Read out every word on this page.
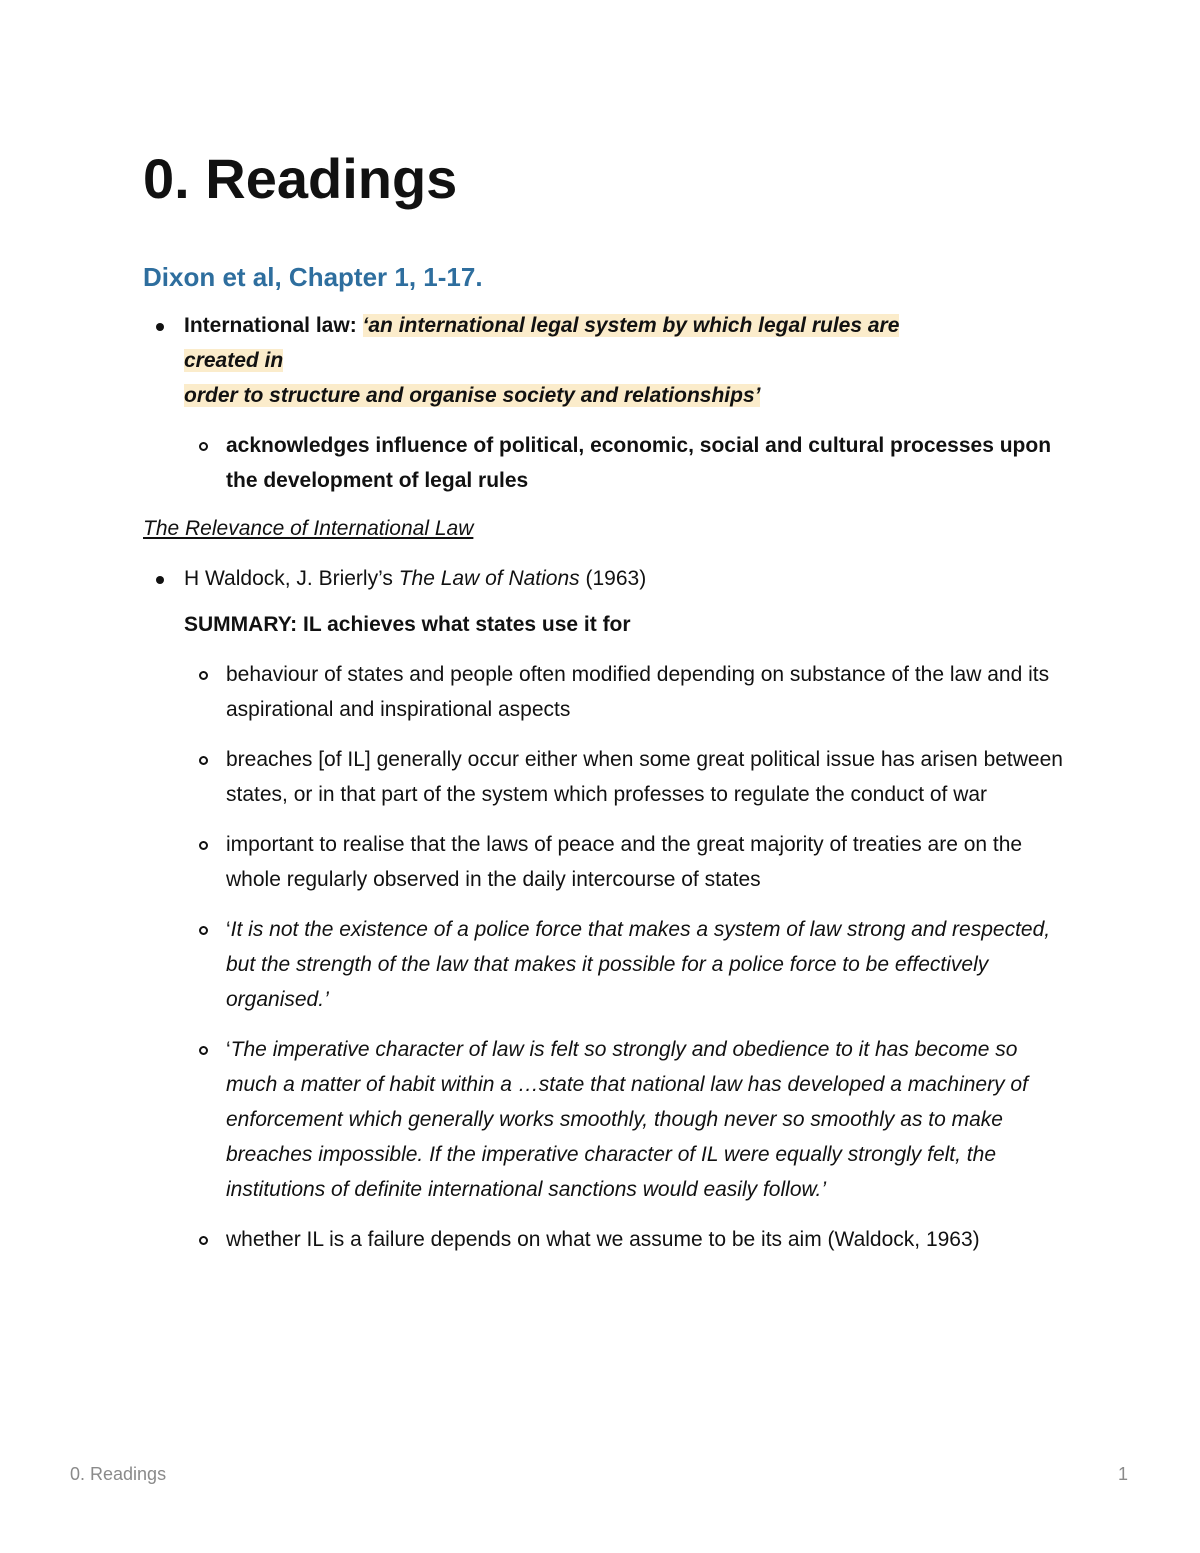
0. Readings
Dixon et al, Chapter 1, 1-17.
International law: ‘an international legal system by which legal rules are
created in
order to structure and organise society and relationships’
acknowledges influence of political, economic, social and cultural processes upon the development of legal rules
The Relevance of International Law
H Waldock, J. Brierly’s The Law of Nations (1963)
SUMMARY: IL achieves what states use it for
behaviour of states and people often modified depending on substance of the law and its aspirational and inspirational aspects
breaches [of IL] generally occur either when some great political issue has arisen between states, or in that part of the system which professes to regulate the conduct of war
important to realise that the laws of peace and the great majority of treaties are on the whole regularly observed in the daily intercourse of states
‘It is not the existence of a police force that makes a system of law strong and respected, but the strength of the law that makes it possible for a police force to be effectively organised.’
‘The imperative character of law is felt so strongly and obedience to it has become so much a matter of habit within a …state that national law has developed a machinery of enforcement which generally works smoothly, though never so smoothly as to make breaches impossible. If the imperative character of IL were equally strongly felt, the institutions of definite international sanctions would easily follow.’
whether IL is a failure depends on what we assume to be its aim (Waldock, 1963)
0. Readings	1
